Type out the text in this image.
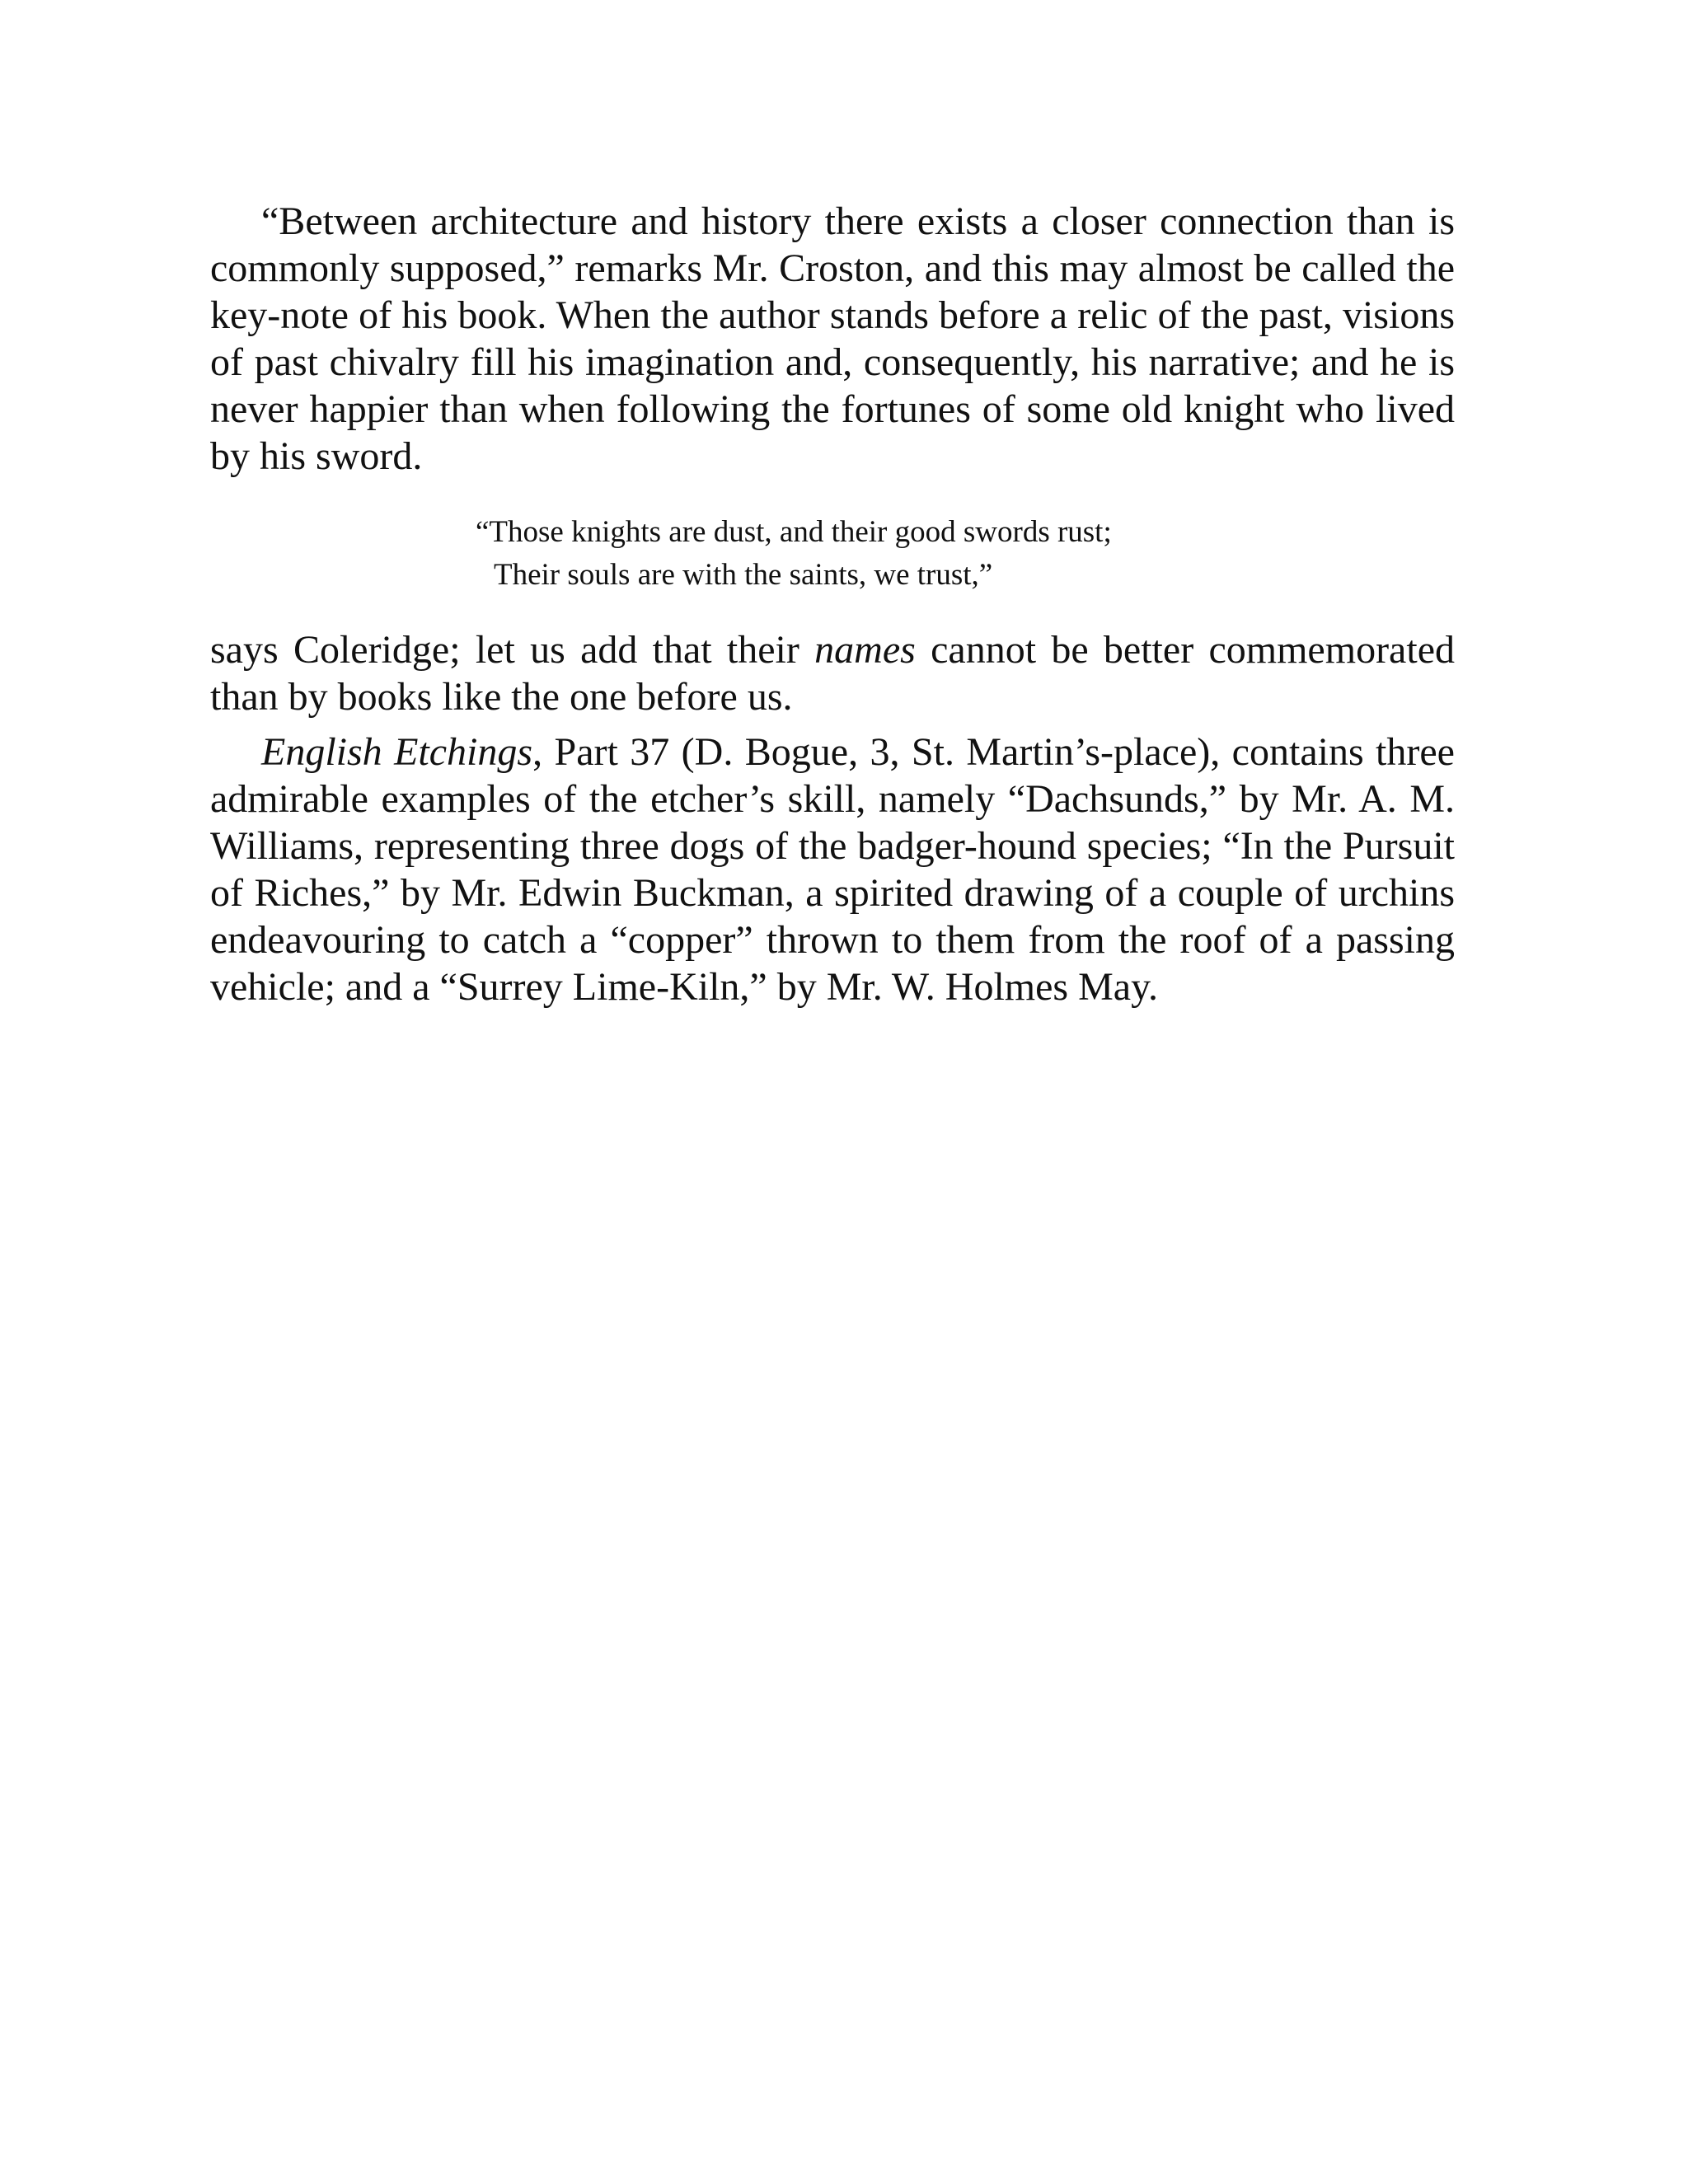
“Between architecture and history there exists a closer connection than is commonly supposed,” remarks Mr. Croston, and this may almost be called the key-note of his book. When the author stands before a relic of the past, visions of past chivalry fill his imagination and, consequently, his narrative; and he is never happier than when following the fortunes of some old knight who lived by his sword.

“Those knights are dust, and their good swords rust;
Their souls are with the saints, we trust,”

says Coleridge; let us add that their names cannot be better commemorated than by books like the one before us.

English Etchings, Part 37 (D. Bogue, 3, St. Martin’s-place), contains three admirable examples of the etcher’s skill, namely “Dachsunds,” by Mr. A. M. Williams, representing three dogs of the badger-hound species; “In the Pursuit of Riches,” by Mr. Edwin Buckman, a spirited drawing of a couple of urchins endeavouring to catch a “copper” thrown to them from the roof of a passing vehicle; and a “Surrey Lime-Kiln,” by Mr. W. Holmes May.
